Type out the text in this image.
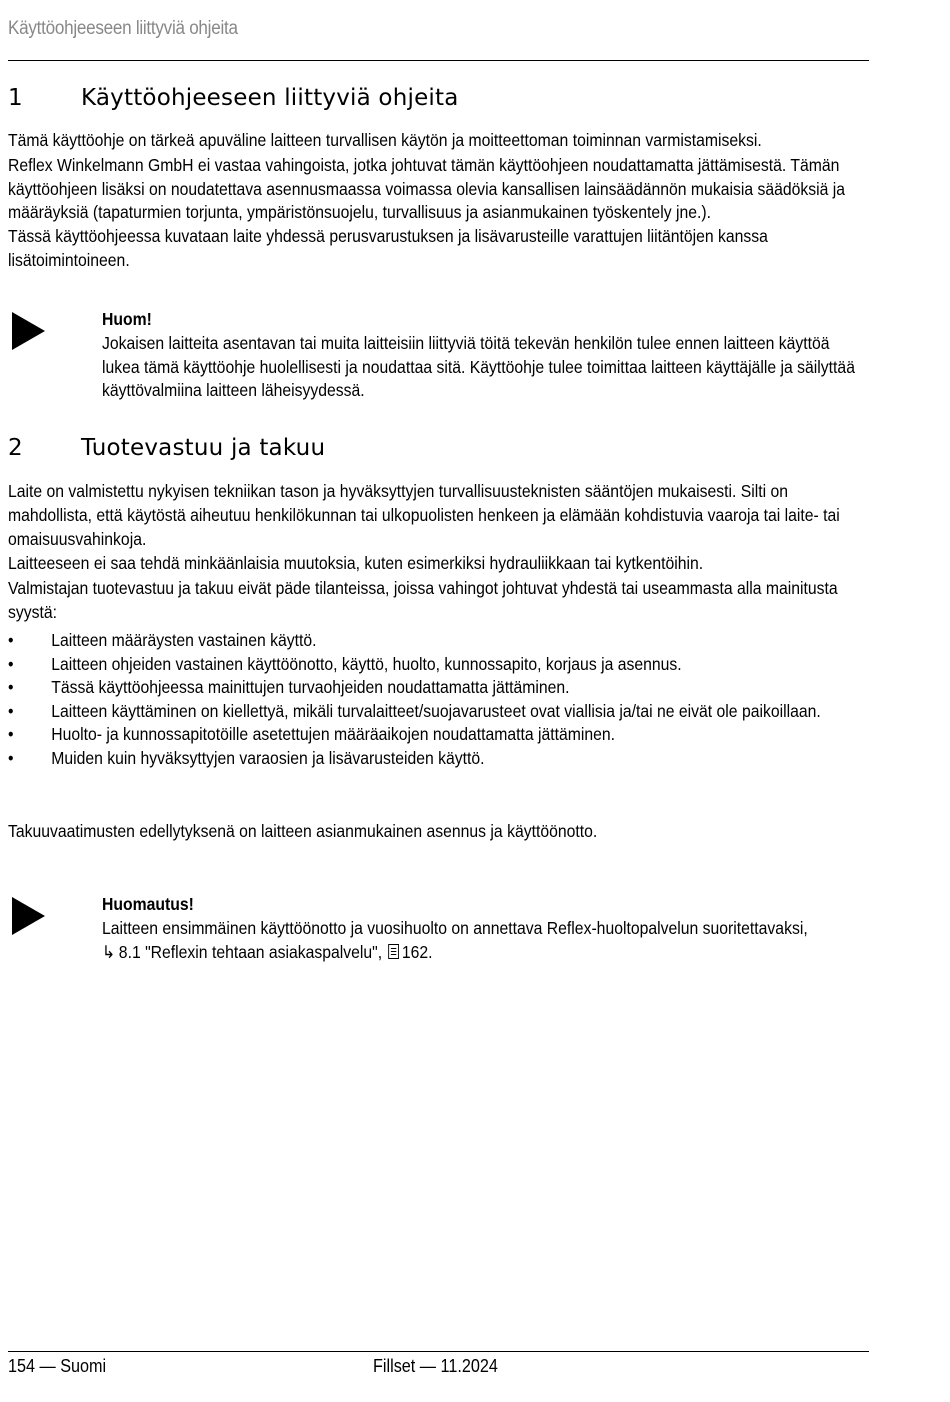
Käyttöohjeeseen liittyviä ohjeita
1	Käyttöohjeeseen liittyviä ohjeita

Tämä käyttöohje on tärkeä apuväline laitteen turvallisen käytön ja moitteettoman toiminnan varmistamiseksi.

Reflex Winkelmann GmbH ei vastaa vahingoista, jotka johtuvat tämän käyttöohjeen noudattamatta jättämisestä. Tämän käyttöohjeen lisäksi on noudatettava asennusmaassa voimassa olevia kansallisen lainsäädännön mukaisia säädöksiä ja määräyksiä (tapaturmien torjunta, ympäristönsuojelu, turvallisuus ja asianmukainen työskentely jne.).

Tässä käyttöohjeessa kuvataan laite yhdessä perusvarustuksen ja lisävarusteille varattujen liitäntöjen kanssa lisätoimintoineen.

Huom!
Jokaisen laitteita asentavan tai muita laitteisiin liittyviä töitä tekevän henkilön tulee ennen laitteen käyttöä lukea tämä käyttöohje huolellisesti ja noudattaa sitä. Käyttöohje tulee toimittaa laitteen käyttäjälle ja säilyttää käyttövalmiina laitteen läheisyydessä.
2	Tuotevastuu ja takuu

Laite on valmistettu nykyisen tekniikan tason ja hyväksyttyjen turvallisuusteknisten sääntöjen mukaisesti. Silti on mahdollista, että käytöstä aiheutuu henkilökunnan tai ulkopuolisten henkeen ja elämään kohdistuvia vaaroja tai laite- tai omaisuusvahinkoja.

Laitteeseen ei saa tehdä minkäänlaisia muutoksia, kuten esimerkiksi hydrauliikkaan tai kytkentöihin.

Valmistajan tuotevastuu ja takuu eivät päde tilanteissa, joissa vahingot johtuvat yhdestä tai useammasta alla mainitusta syystä:

• Laitteen määräysten vastainen käyttö.
• Laitteen ohjeiden vastainen käyttöönotto, käyttö, huolto, kunnossapito, korjaus ja asennus.
• Tässä käyttöohjeessa mainittujen turvaohjeiden noudattamatta jättäminen.
• Laitteen käyttäminen on kiellettyä, mikäli turvalaitteet/suojavarusteet ovat viallisia ja/tai ne eivät ole paikoillaan.
• Huolto- ja kunnossapitotöille asetettujen määräaikojen noudattamatta jättäminen.
• Muiden kuin hyväksyttyjen varaosien ja lisävarusteiden käyttö.

Takuuvaatimusten edellytyksenä on laitteen asianmukainen asennus ja käyttöönotto.

Huomautus!
Laitteen ensimmäinen käyttöönotto ja vuosihuolto on annettava Reflex-huoltopalvelun suoritettavaksi,
↳ 8.1 "Reflexin tehtaan asiakaspalvelu", 162.
154 — Suomi	Fillset — 11.2024
